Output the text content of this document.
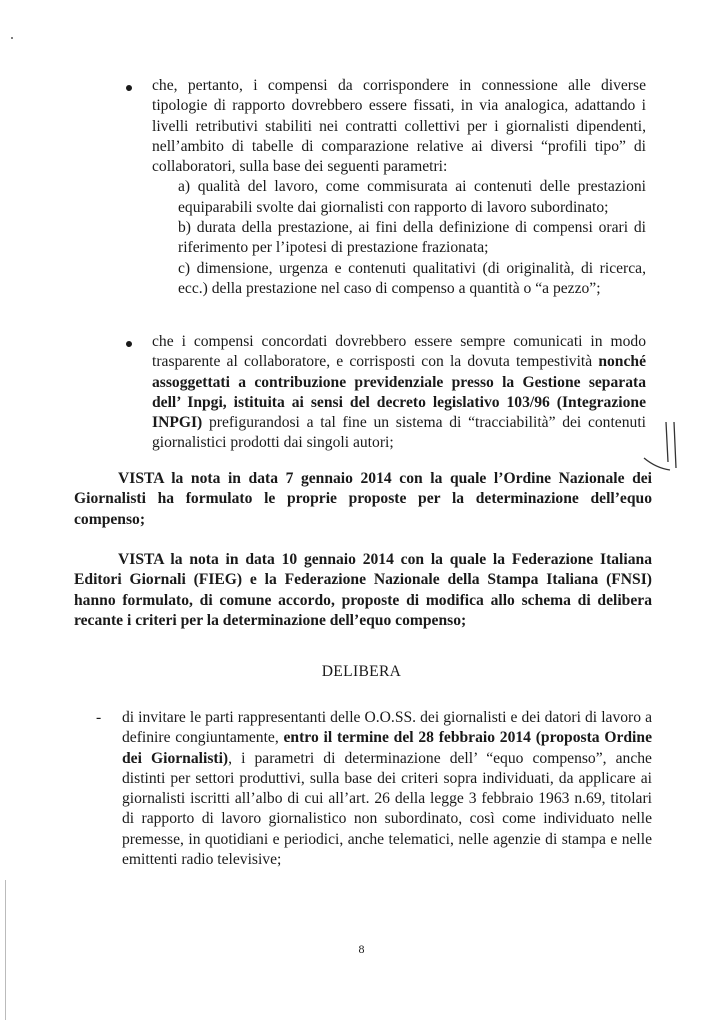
che, pertanto, i compensi da corrispondere in connessione alle diverse tipologie di rapporto dovrebbero essere fissati, in via analogica, adattando i livelli retributivi stabiliti nei contratti collettivi per i giornalisti dipendenti, nell’ambito di tabelle di comparazione relative ai diversi “profili tipo” di collaboratori, sulla base dei seguenti parametri:
a) qualità del lavoro, come commisurata ai contenuti delle prestazioni equiparabili svolte dai giornalisti con rapporto di lavoro subordinato;
b) durata della prestazione, ai fini della definizione di compensi orari di riferimento per l’ipotesi di prestazione frazionata;
c) dimensione, urgenza e contenuti qualitativi (di originalità, di ricerca, ecc.) della prestazione nel caso di compenso a quantità o “a pezzo”;
che i compensi concordati dovrebbero essere sempre comunicati in modo trasparente al collaboratore, e corrisposti con la dovuta tempestività nonché assoggettati a contribuzione previdenziale presso la Gestione separata dell’ Inpgi, istituita ai sensi del decreto legislativo 103/96 (Integrazione INPGI) prefigurandosi a tal fine un sistema di “tracciabilità” dei contenuti giornalistici prodotti dai singoli autori;
VISTA la nota in data 7 gennaio 2014 con la quale l’Ordine Nazionale dei Giornalisti ha formulato le proprie proposte per la determinazione dell’equo compenso;
VISTA la nota in data 10 gennaio 2014 con la quale la Federazione Italiana Editori Giornali (FIEG) e la Federazione Nazionale della Stampa Italiana (FNSI) hanno formulato, di comune accordo, proposte di modifica allo schema di delibera recante i criteri per la determinazione dell’equo compenso;
DELIBERA
- di invitare le parti rappresentanti delle O.O.SS. dei giornalisti e dei datori di lavoro a definire congiuntamente, entro il termine del 28 febbraio 2014 (proposta Ordine dei Giornalisti), i parametri di determinazione dell’ “equo compenso”, anche distinti per settori produttivi, sulla base dei criteri sopra individuati, da applicare ai giornalisti iscritti all’albo di cui all’art. 26 della legge 3 febbraio 1963 n.69, titolari di rapporto di lavoro giornalistico non subordinato, così come individuato nelle premesse, in quotidiani e periodici, anche telematici, nelle agenzie di stampa e nelle emittenti radio televisive;
8
